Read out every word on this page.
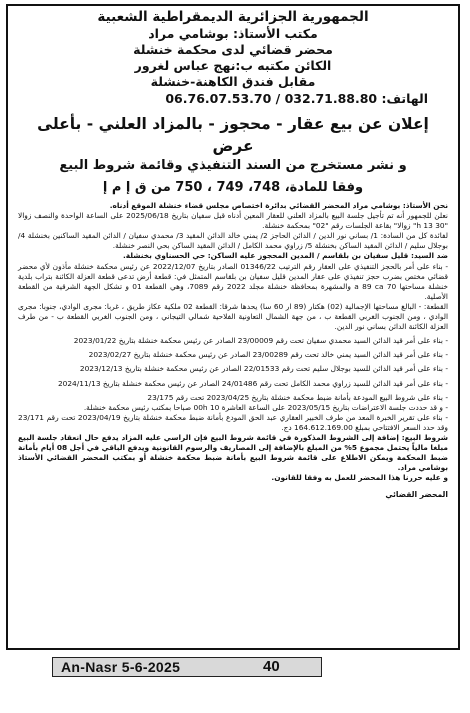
الجمهورية الجزائرية الديمقراطية الشعبية
مكتب الأستاذ: بوشامي مراد
محضر قضائي لدى محكمة خنشلة
الكائن مكتبه ب:نهج عباس لغرور
مقابل فندق الكاهنة-خنشلة
الهاتف: 06.76.07.53.70 / 032.71.88.80
إعلان عن بيع عقار - محجوز - بالمزاد العلني - بأعلى عرض
و نشر مستخرج من السند التنفيذي وقائمة شروط البيع
وفقا للمادة، 748، 749 ، 750 من ق إ م إ

نحن الأستاذ: بوشامي مراد المحضر القضائي بدائرة اختصاص مجلس قضاء خنشلة الموقع أدناه.

نعلن للجمهور أنه تم تأجيل جلسة البيع بالمزاد العلني للعقار المعين أدناه قبل سفيان بتاريخ 2025/06/18 على الساعة الواحدة والنصف زوالا "30 h 13" زوالا" بقاعة الجلسات رقم "02" بمحكمة خنشلة.

لفائدة كل من السادة: 1/ بساني نور الدين / الدائن الحاجز 2/ يمني خالد الدائن المقيد 3/ محمدي سفيان / الدائن المقيد الساكنين بخنشلة 4/ بوجلال سليم / الدائن المقيد الساكن بخنشلة 5/ زراوي محمد الكامل / الدائن المقيد الساكن بحي النصر خنشلة.

ضد السيد: قليل سفيان بن بلقاسم / المدين المحجوز عليه الساكن: حي الحسناوي بخنشلة.

- بناء على أمر بالحجز التنفيذي على العقار رقم الترتيب 01346/22 الصادر بتاريخ 2022/12/07 عن رئيس محكمة خنشلة مأذون لأي محضر قضائي مختص بضرب حجز تنفيذي على عقار المدين قليل سفيان بن بلقاسم المتمثل في: قطعة أرض تدعى قطعة العزلة الكائنة بتراب بلدية خنشلة مساحتها 70 a 89 ca والمشهرة بمحافظة خنشلة مجلد 2022 رقم 7089، وهي القطعة 01 و تشكل الجهة الشرقية من القطعة الأصلية.

القطعة: - البالغ مساحتها الإجمالية (02) هكتار (89 ار 60 سا) يحدها شرقا: القطعة 02 ملكية عكاز طريق ، غربا: مجرى الوادي، جنوبا: مجرى الوادي ، ومن الجنوب الغربي القطعة ب ، من جهة الشمال التعاونية الفلاحية شمالي التيجاني ، ومن الجنوب الغربي القطعة ب - من طرف العزلة الكائنة الدائن بساني نور الدين.

- بناء على أمر قيد الدائن السيد محمدي سفيان تحت رقم 23/00009 الصادر عن رئيس محكمة خنشلة بتاريخ 2023/01/22

- بناء على أمر قيد الدائن السيد يمني خالد تحت رقم 23/00289 الصادر عن رئيس محكمة خنشلة بتاريخ 2023/02/27

- بناء على أمر قيد الدائن للسيد بوجلال سليم تحت رقم 22/01533 الصادر عن رئيس محكمة خنشلة بتاريخ 2023/12/13

- بناء على أمر قيد الدائن للسيد زراوي محمد الكامل تحت رقم 24/01486 الصادر عن رئيس محكمة خنشلة بتاريخ 2024/11/13

- بناء على شروط البيع المودعة بأمانة ضبط محكمة خنشلة بتاريخ 2023/04/25 تحت رقم 23/175

- و قد حددت جلسة الاعتراضات بتاريخ 2023/05/15 على الساعة العاشرة 00h 10 صباحا بمكتب رئيس محكمة خنشلة.

- بناء على تقرير الخبرة المعد من طرف الخبير العقاري عبد الحق المودع بأمانة ضبط محكمة خنشلة بتاريخ 2023/04/19 تحت رقم 23/171 وقد حدد السعر الافتتاحي بمبلغ 164.612.169.00 دج.

شروط البيع: إضافة إلى الشروط المذكورة في قائمة شروط البيع فإن الراسي عليه المزاد يدفع حال انعقاد جلسة البيع مبلغا مالياً يحتمل مجموع 5% من المبلغ بالإضافة إلى المصاريف والرسوم القانونية ويدفع الباقي في أجل 08 أيام بأمانة ضبط المحكمة ويمكن الاطلاع على قائمة شروط البيع بأمانة ضبط محكمة خنشلة أو بمكتب المحضر القضائي الأستاذ بوشامي مراد.

و عليه حررنا هذا المحضر للعمل به وفقا للقانون.

المحضر القضائي
An-Nasr 5-6-2025	40
